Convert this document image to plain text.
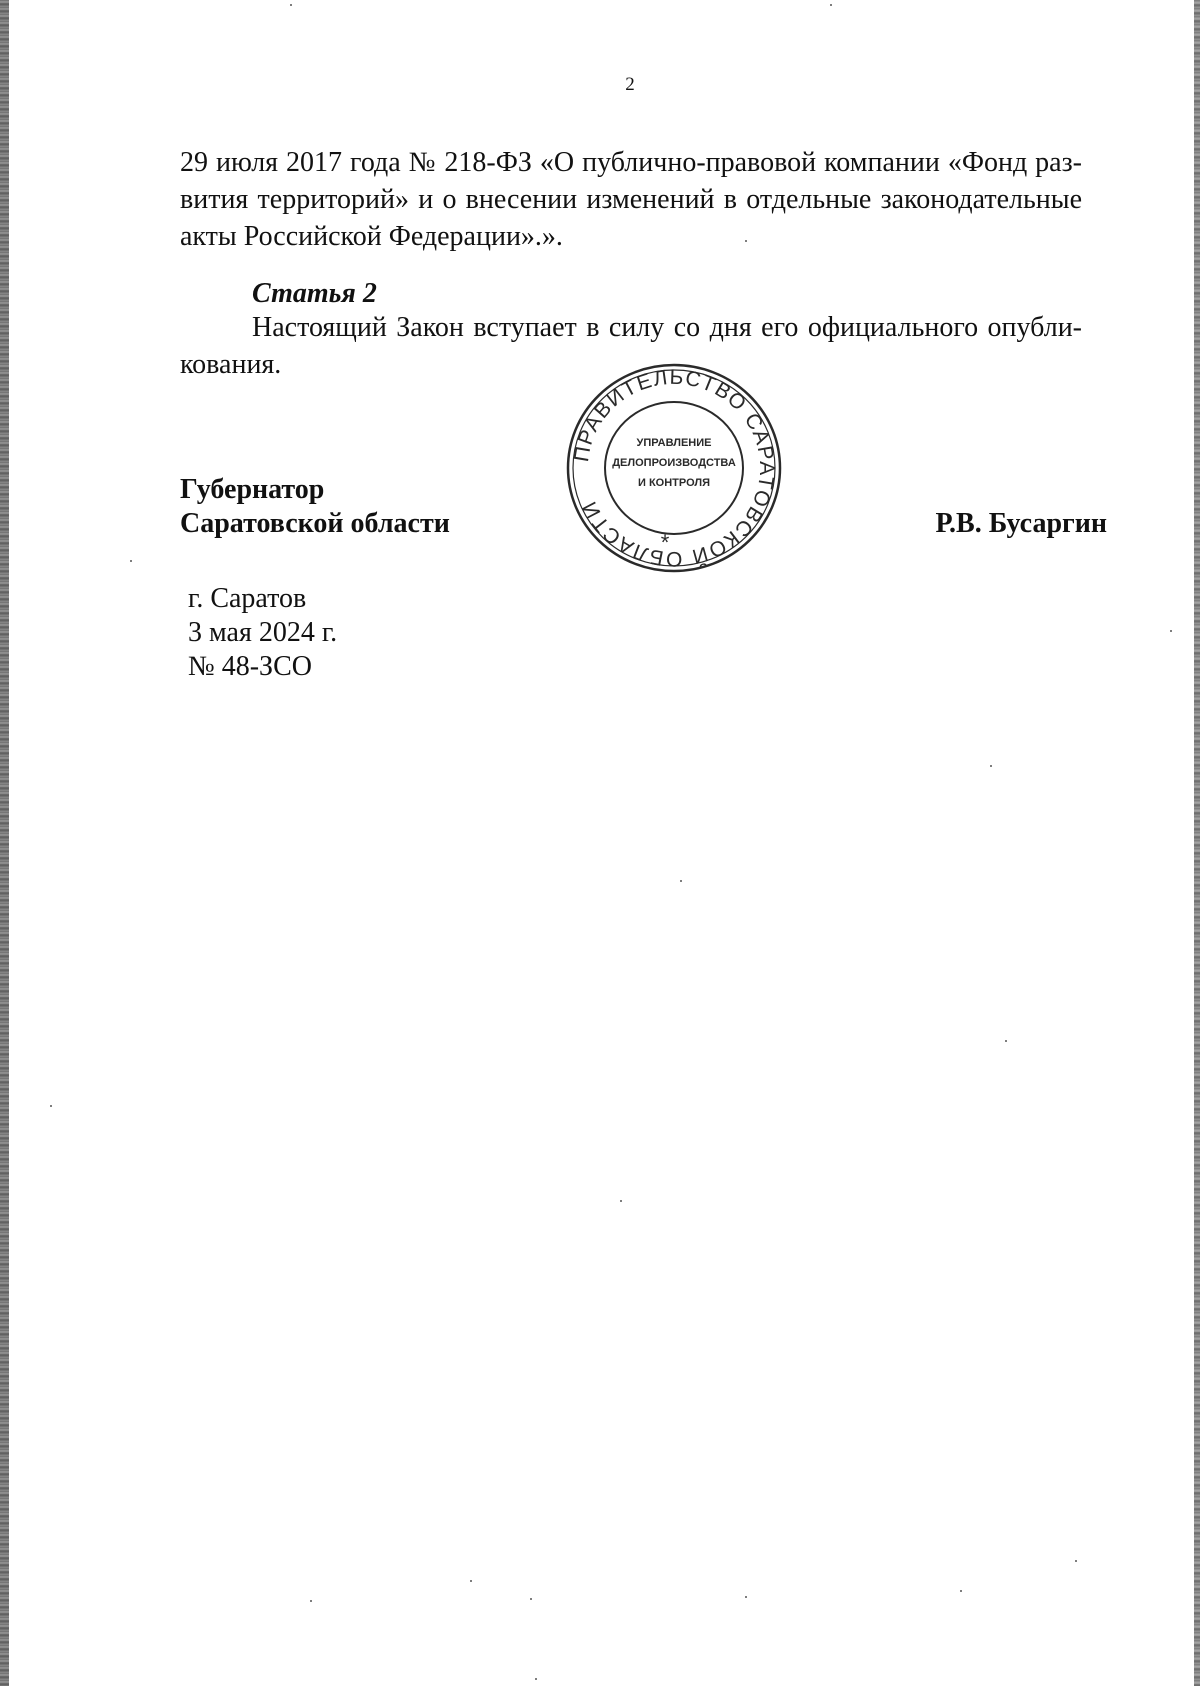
2

29 июля 2017 года № 218-ФЗ «О публично-правовой компании «Фонд раз-

вития территорий» и о внесении изменений в отдельные законодательные

акты Российской Федерации».».

Статья 2

Настоящий Закон вступает в силу со дня его официального опубли-

кования.

Губернатор
Саратовской области	Р.В. Бусаргин
ПРАВИТЕЛЬСТВО САРАТОВСКОЙ ОБЛАСТИ
УПРАВЛЕНИЕ
ДЕЛОПРОИЗВОДСТВА
И КОНТРОЛЯ
*
г. Саратов
3 мая 2024 г.
№ 48-ЗСО
